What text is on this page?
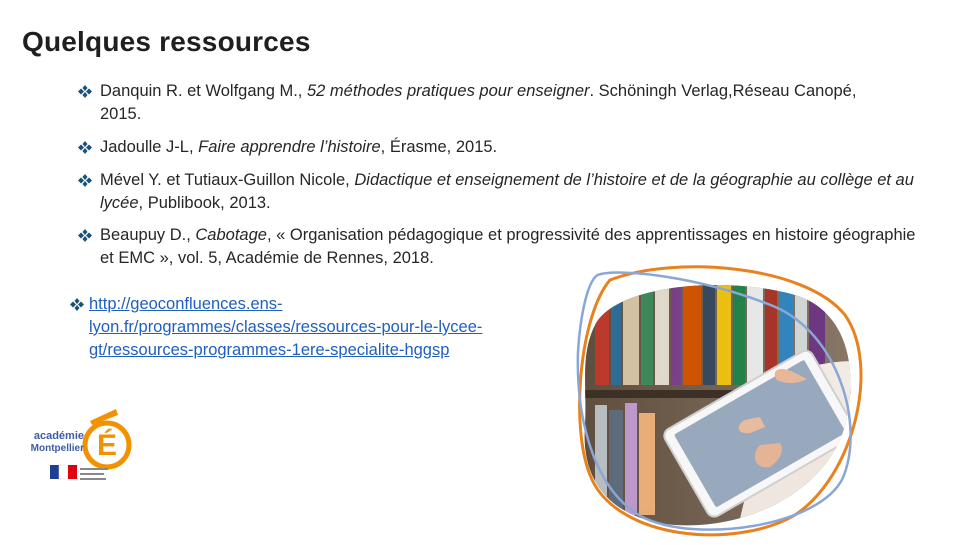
Quelques ressources
Danquin R. et Wolfgang M., 52 méthodes pratiques pour enseigner. Schöningh Verlag,Réseau Canopé, 2015.
Jadoulle J-L, Faire apprendre l’histoire, Érasme, 2015.
Mével Y. et Tutiaux-Guillon Nicole, Didactique et enseignement de l’histoire et de la géographie au collège et au lycée, Publibook, 2013.
Beaupuy D., Cabotage, « Organisation pédagogique et progressivité des apprentissages en histoire géographie et EMC », vol. 5, Académie de Rennes, 2018.
http://geoconfluences.ens-lyon.fr/programmes/classes/ressources-pour-le-lycee-gt/ressources-programmes-1ere-specialite-hggsp
É
académie
Montpellier
